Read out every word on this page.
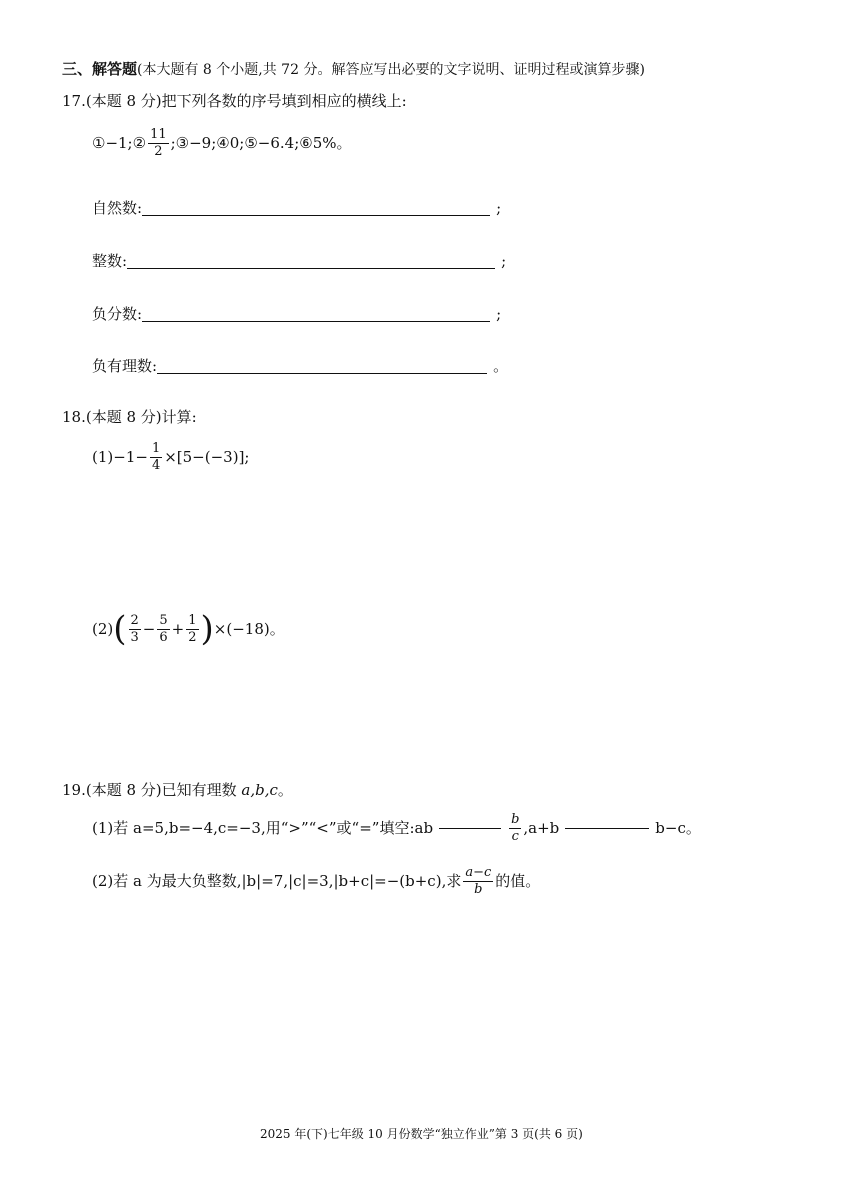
三、解答题(本大题有 8 个小题,共 72 分。解答应写出必要的文字说明、证明过程或演算步骤)
17.(本题 8 分)把下列各数的序号填到相应的横线上:
①−1;② $\frac{11}{2}$ ;③−9;④0;⑤−6.4;⑥5%。
自然数:	;
整数:	;
负分数:	;
负有理数:	。
18.(本题 8 分)计算:
$(1)-1- \frac{1}{4} \times[5-(-3)]$;
(2) ( $\frac{2}{3} - \frac{5}{6} + \frac{1}{2}$ ) ×(−18)。
19.(本题 8 分)已知有理数 a,b,c。
(1)若 a=5,b=−4,c=−3,用“>”“<”或“=”填空:ab	$\frac{b}{c} ,a+b$	b−c。
(2)若 a 为最大负整数,|b|=7,|c|=3,|b+c|=−(b+c),求 $\frac{a-c}{b}$ 的值。
2025 年(下)七年级 10 月份数学“独立作业”第 3 页(共 6 页)
